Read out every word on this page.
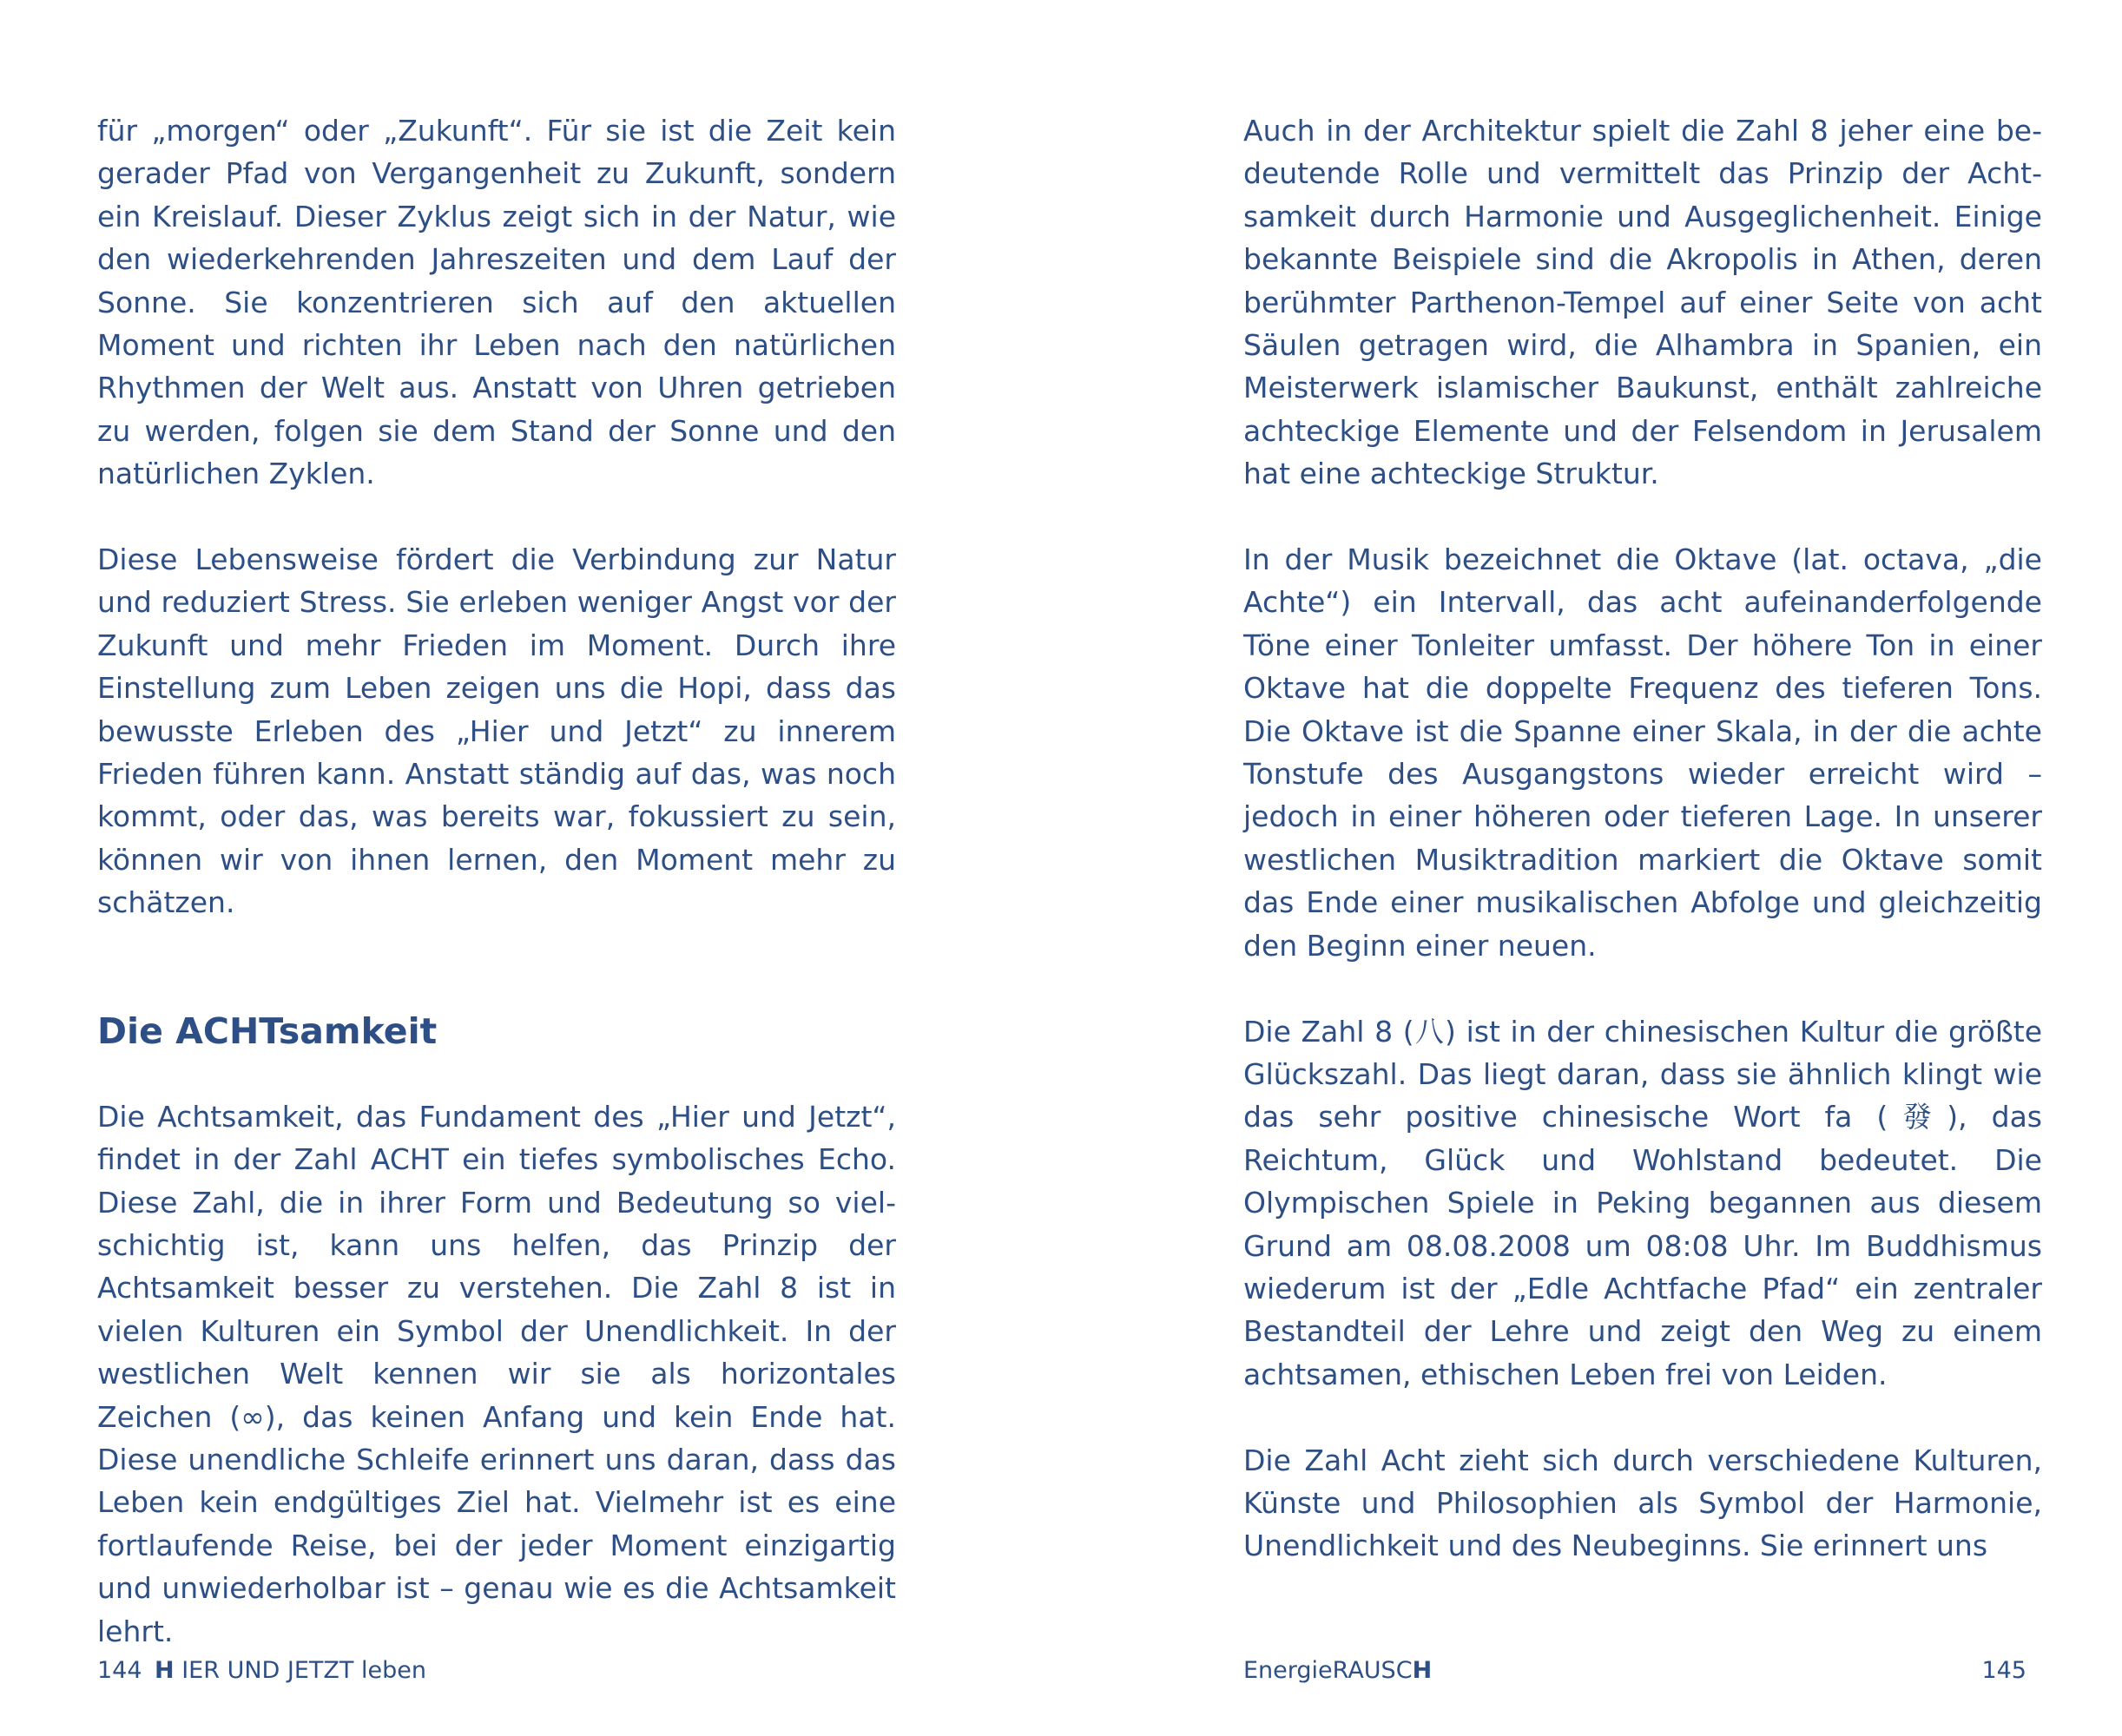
für „morgen“ oder „Zukunft“. Für sie ist die Zeit kein gerader Pfad von Vergangenheit zu Zukunft, sondern ein Kreislauf. Dieser Zyklus zeigt sich in der Natur, wie den wiederkehrenden Jahreszeiten und dem Lauf der Sonne. Sie konzentrieren sich auf den aktuellen Moment und richten ihr Leben nach den natürlichen Rhythmen der Welt aus. Anstatt von Uhren getrieben zu werden, folgen sie dem Stand der Sonne und den natürlichen Zyklen.

Diese Lebensweise fördert die Verbindung zur Natur und reduziert Stress. Sie erleben weniger Angst vor der Zukunft und mehr Frieden im Moment. Durch ihre Einstellung zum Leben zeigen uns die Hopi, dass das bewusste Erleben des „Hier und Jetzt“ zu innerem Frieden führen kann. Anstatt ständig auf das, was noch kommt, oder das, was bereits war, fokussiert zu sein, können wir von ihnen lernen, den Moment mehr zu schätzen.

Die ACHTsamkeit

Die Achtsamkeit, das Fundament des „Hier und Jetzt“, findet in der Zahl ACHT ein tiefes symbolisches Echo. Diese Zahl, die in ihrer Form und Bedeutung so vielschichtig ist, kann uns helfen, das Prinzip der Achtsamkeit besser zu verstehen. Die Zahl 8 ist in vielen Kulturen ein Symbol der Unendlichkeit. In der westlichen Welt kennen wir sie als horizontales Zeichen (∞), das keinen Anfang und kein Ende hat. Diese unendliche Schleife erinnert uns daran, dass das Leben kein endgültiges Ziel hat. Vielmehr ist es eine fortlaufende Reise, bei der jeder Moment einzigartig und unwiederholbar ist – genau wie es die Achtsamkeit lehrt.

144 H IER UND JETZT leben

Auch in der Architektur spielt die Zahl 8 jeher eine bedeutende Rolle und vermittelt das Prinzip der Achtsamkeit durch Harmonie und Ausgeglichenheit. Einige bekannte Beispiele sind die Akropolis in Athen, deren berühmter Parthenon-Tempel auf einer Seite von acht Säulen getragen wird, die Alhambra in Spanien, ein Meisterwerk islamischer Baukunst, enthält zahlreiche achteckige Elemente und der Felsendom in Jerusalem hat eine achteckige Struktur.

In der Musik bezeichnet die Oktave (lat. octava, „die Achte“) ein Intervall, das acht aufeinanderfolgende Töne einer Tonleiter umfasst. Der höhere Ton in einer Oktave hat die doppelte Frequenz des tieferen Tons. Die Oktave ist die Spanne einer Skala, in der die achte Tonstufe des Ausgangstons wieder erreicht wird – jedoch in einer höheren oder tieferen Lage. In unserer westlichen Musiktradition markiert die Oktave somit das Ende einer musikalischen Abfolge und gleichzeitig den Beginn einer neuen.

Die Zahl 8 (八) ist in der chinesischen Kultur die größte Glückszahl. Das liegt daran, dass sie ähnlich klingt wie das sehr positive chinesische Wort fa (發), das Reichtum, Glück und Wohlstand bedeutet. Die Olympischen Spiele in Peking begannen aus diesem Grund am 08.08.2008 um 08:08 Uhr. Im Buddhismus wiederum ist der „Edle Achtfache Pfad“ ein zentraler Bestandteil der Lehre und zeigt den Weg zu einem achtsamen, ethischen Leben frei von Leiden.

Die Zahl Acht zieht sich durch verschiedene Kulturen, Künste und Philosophien als Symbol der Harmonie, Unendlichkeit und des Neubeginns. Sie erinnert uns

EnergieRAUSCH	145
